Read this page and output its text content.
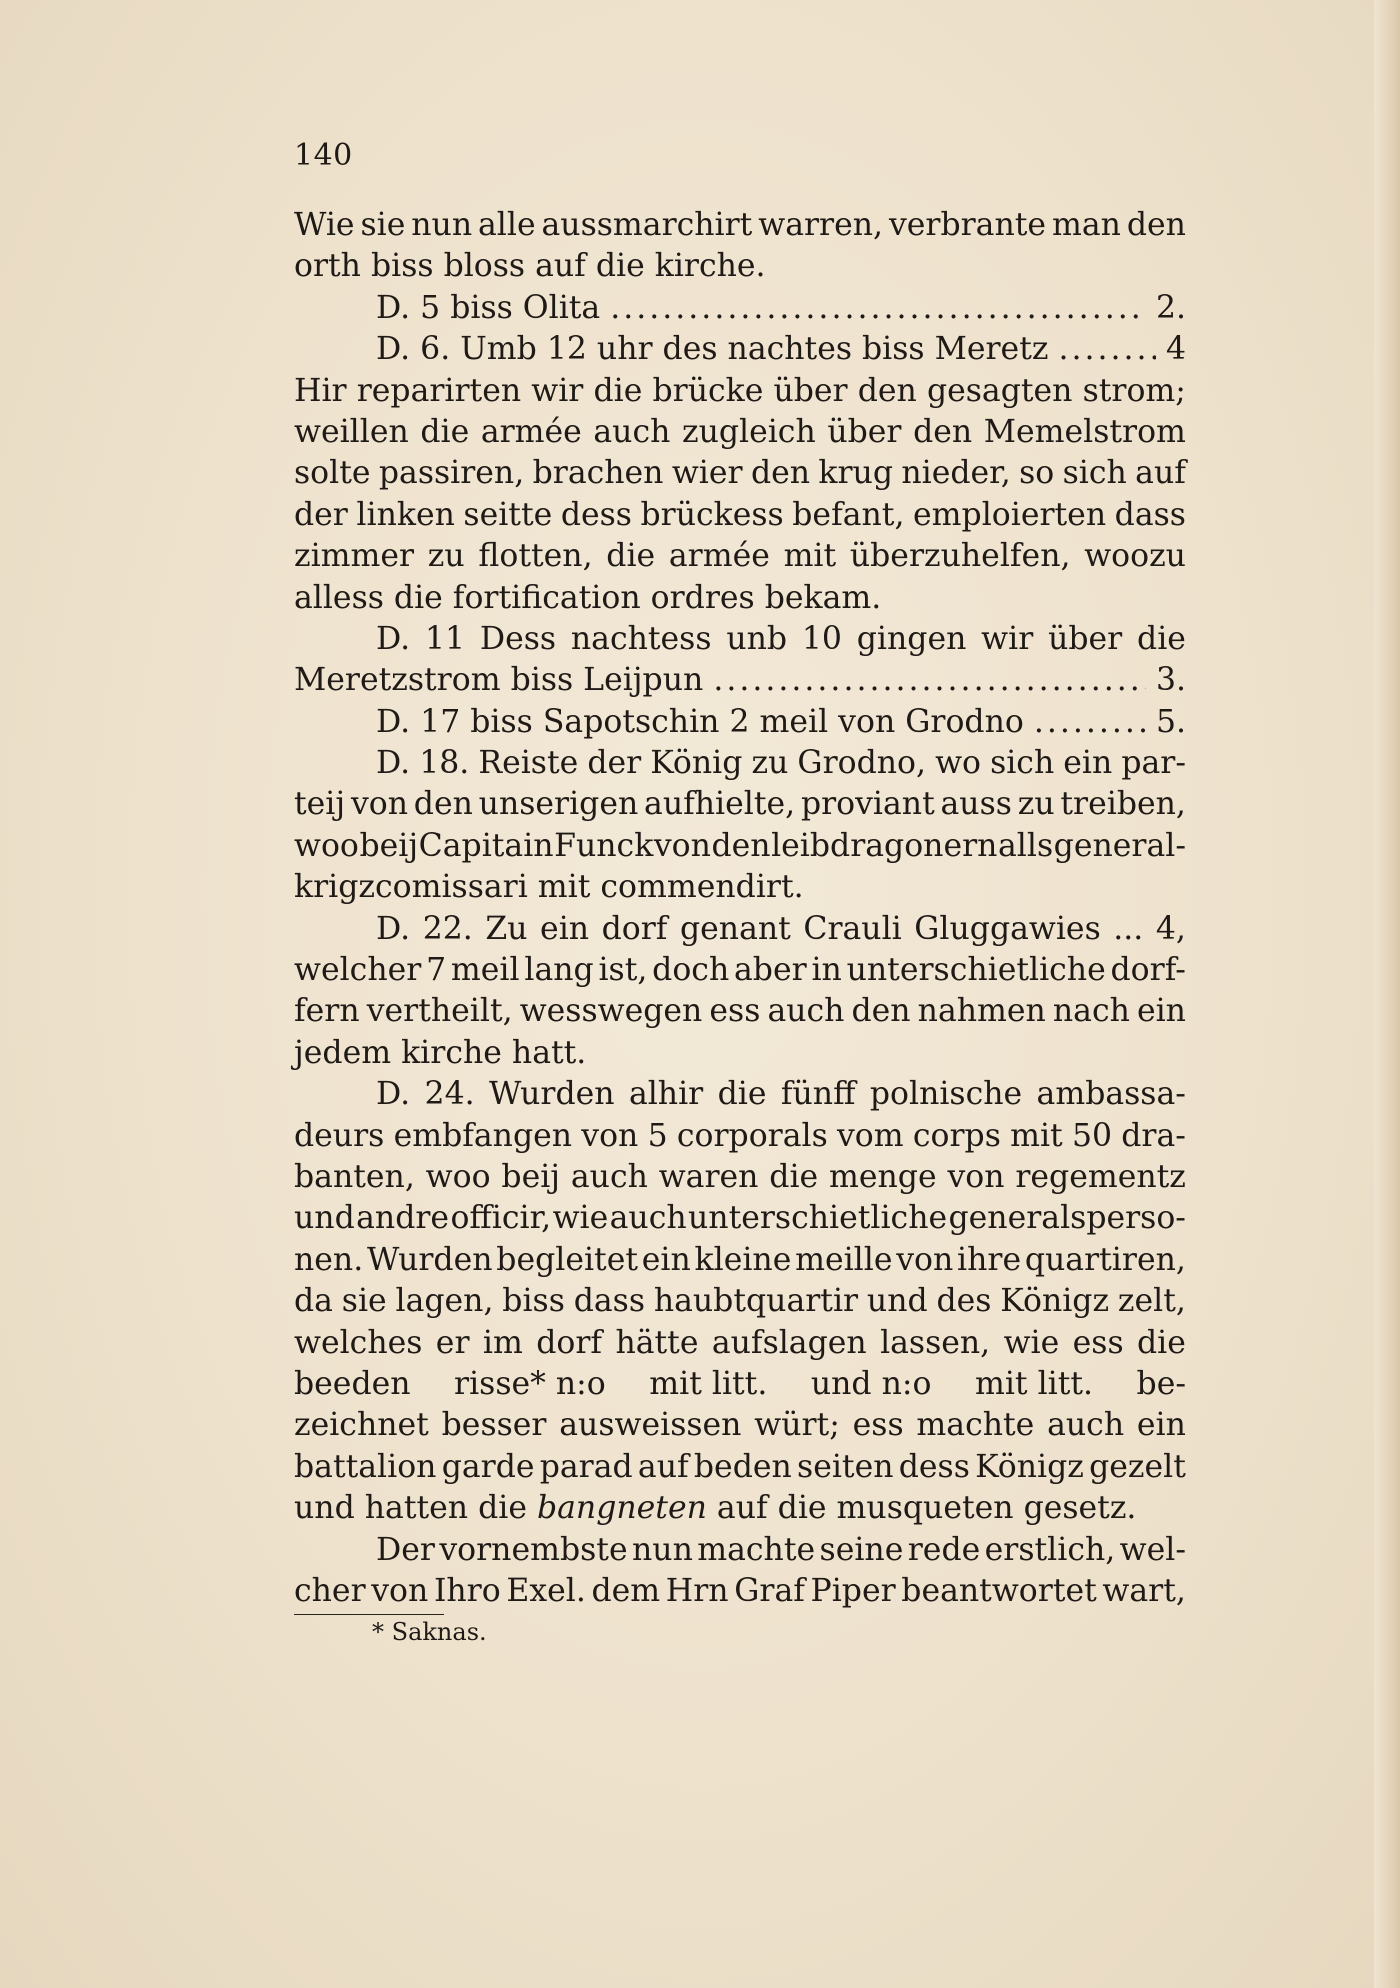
140
Wie sie nun alle aussmarchirt warren, verbrante man den
orth biss bloss auf die kirche.
D. 5 biss Olita .....	2.
D. 6. Umb 12 uhr des nachtes biss Meretz .....	4
Hir reparirten wir die brücke über den gesagten strom;
weillen die armée auch zugleich über den Memelstrom
solte passiren, brachen wier den krug nieder, so sich auf
der linken seitte dess brückess befant, emploierten dass
zimmer zu flotten, die armée mit überzuhelfen, woozu
alless die fortification ordres bekam.
D. 11 Dess nachtess unb 10 gingen wir über die
Meretzstrom biss Leijpun .....	3.
D. 17 biss Sapotschin 2 meil von Grodno .....	5.
D. 18. Reiste der König zu Grodno, wo sich ein par-
teij von den unserigen aufhielte, proviant auss zu treiben,
woo beij Capitain Funck von den leibdragonern alls general-
krigzcomissari mit commendirt.
D. 22. Zu ein dorf genant Crauli Gluggawies ... 4,
welcher 7 meil lang ist, doch aber in unterschietliche dorf-
fern vertheilt, wesswegen ess auch den nahmen nach ein
jedem kirche hatt.
D. 24. Wurden alhir die fünff polnische ambassa-
deurs embfangen von 5 corporals vom corps mit 50 dra-
banten, woo beij auch waren die menge von regementz
und andre officir, wie auch unterschietliche generalsperso-
nen. Wurden begleitet ein kleine meille von ihre quartiren,
da sie lagen, biss dass haubtquartir und des Königz zelt,
welches er im dorf hätte aufslagen lassen, wie ess die
beeden risse* n:o mit litt. und n:o mit litt. be-
zeichnet besser ausweissen würt; ess machte auch ein
battalion garde parad auf beden seiten dess Königz gezelt
und hatten die bangneten auf die musqueten gesetz.
Der vornembste nun machte seine rede erstlich, wel-
cher von Ihro Exel. dem Hrn Graf Piper beantwortet wart,
* Saknas.
